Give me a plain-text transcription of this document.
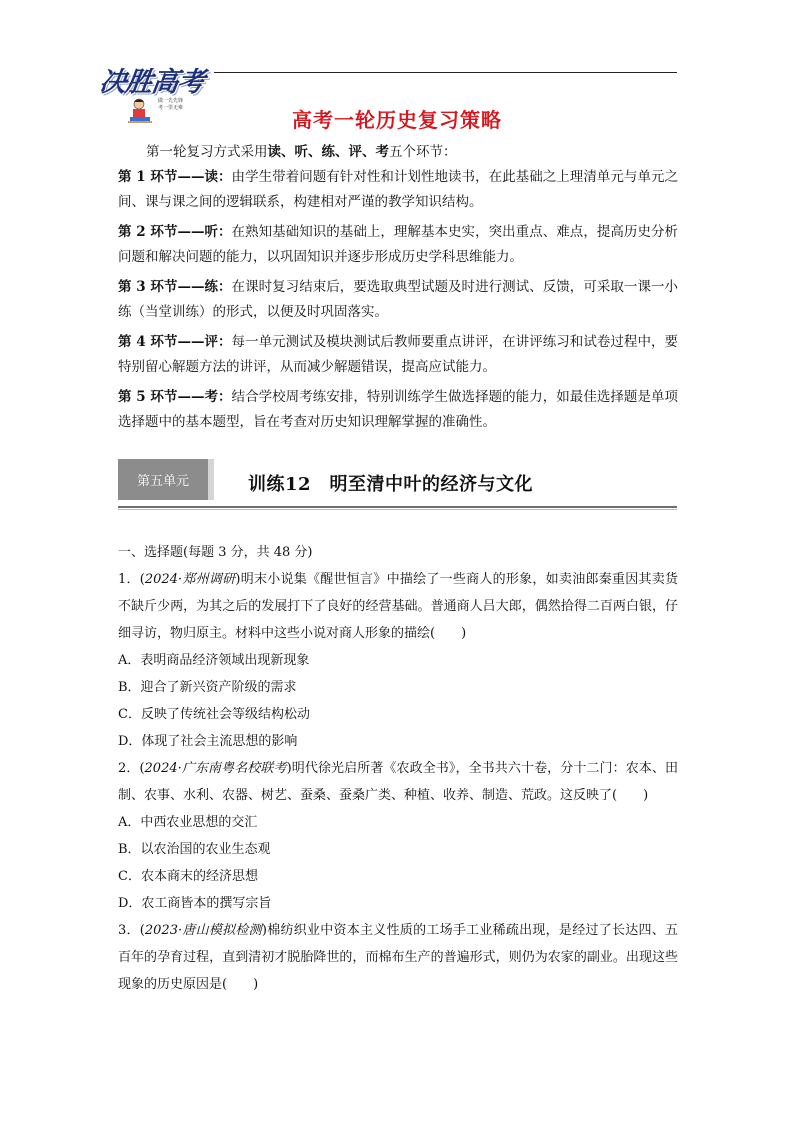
决胜高考
做一先先锋
考一里无难	高考一轮历史复习策略

第一轮复习方式采用读、听、练、评、考五个环节：

第 1 环节——读：由学生带着问题有针对性和计划性地读书，在此基础之上理清单元与单元之间、课与课之间的逻辑联系，构建相对严谨的教学知识结构。

第 2 环节——听：在熟知基础知识的基础上，理解基本史实，突出重点、难点，提高历史分析问题和解决问题的能力，以巩固知识并逐步形成历史学科思维能力。

第 3 环节——练：在课时复习结束后，要选取典型试题及时进行测试、反馈，可采取一课一小练（当堂训练）的形式，以便及时巩固落实。

第 4 环节——评：每一单元测试及模块测试后教师要重点讲评，在讲评练习和试卷过程中，要特别留心解题方法的讲评，从而减少解题错误，提高应试能力。

第 5 环节——考：结合学校周考练安排，特别训练学生做选择题的能力，如最佳选择题是单项选择题中的基本题型，旨在考查对历史知识理解掌握的准确性。

第五单元	训练12　明至清中叶的经济与文化

一、选择题(每题 3 分，共 48 分)

1．(2024·郑州调研)明末小说集《醒世恒言》中描绘了一些商人的形象，如卖油郎秦重因其卖货不缺斤少两，为其之后的发展打下了良好的经营基础。普通商人吕大郎，偶然拾得二百两白银，仔细寻访，物归原主。材料中这些小说对商人形象的描绘(　　)

A．表明商品经济领域出现新现象

B．迎合了新兴资产阶级的需求

C．反映了传统社会等级结构松动

D．体现了社会主流思想的影响

2．(2024·广东南粤名校联考)明代徐光启所著《农政全书》，全书共六十卷，分十二门：农本、田制、农事、水利、农器、树艺、蚕桑、蚕桑广类、种植、收养、制造、荒政。这反映了(　　)

A．中西农业思想的交汇

B．以农治国的农业生态观

C．农本商末的经济思想

D．农工商皆本的撰写宗旨

3．(2023·唐山模拟检测)棉纺织业中资本主义性质的工场手工业稀疏出现，是经过了长达四、五百年的孕育过程，直到清初才脱胎降世的，而棉布生产的普遍形式，则仍为农家的副业。出现这些现象的历史原因是(　　)
